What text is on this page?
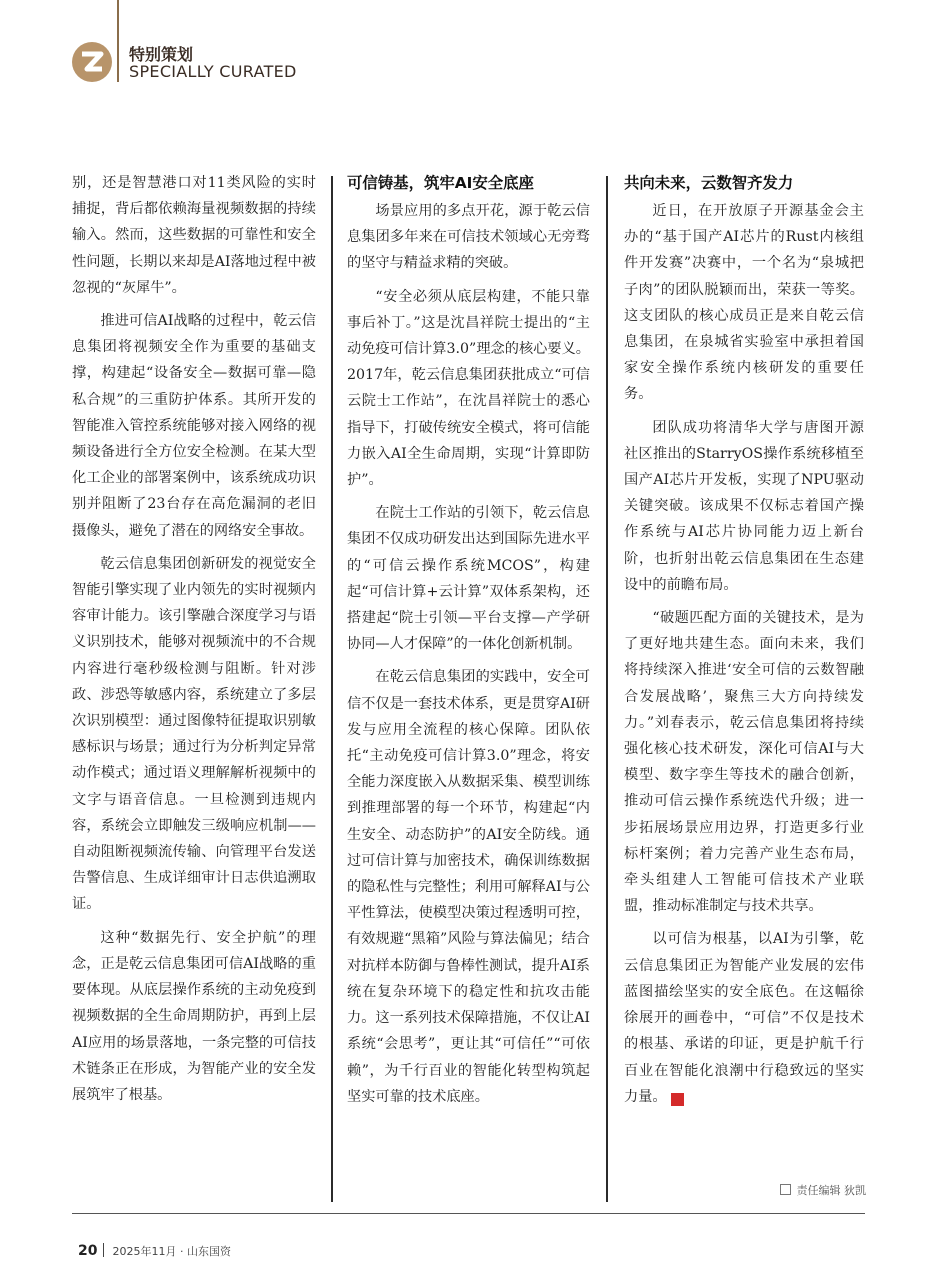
特别策划
SPECIALLY CURATED

别，还是智慧港口对11类风险的实时捕捉，背后都依赖海量视频数据的持续输入。然而，这些数据的可靠性和安全性问题，长期以来却是AI落地过程中被忽视的“灰犀牛”。

推进可信AI战略的过程中，乾云信息集团将视频安全作为重要的基础支撑，构建起“设备安全—数据可靠—隐私合规”的三重防护体系。其所开发的智能准入管控系统能够对接入网络的视频设备进行全方位安全检测。在某大型化工企业的部署案例中，该系统成功识别并阻断了23台存在高危漏洞的老旧摄像头，避免了潜在的网络安全事故。

乾云信息集团创新研发的视觉安全智能引擎实现了业内领先的实时视频内容审计能力。该引擎融合深度学习与语义识别技术，能够对视频流中的不合规内容进行毫秒级检测与阻断。针对涉政、涉恐等敏感内容，系统建立了多层次识别模型：通过图像特征提取识别敏感标识与场景；通过行为分析判定异常动作模式；通过语义理解解析视频中的文字与语音信息。一旦检测到违规内容，系统会立即触发三级响应机制——自动阻断视频流传输、向管理平台发送告警信息、生成详细审计日志供追溯取证。

这种“数据先行、安全护航”的理念，正是乾云信息集团可信AI战略的重要体现。从底层操作系统的主动免疫到视频数据的全生命周期防护，再到上层AI应用的场景落地，一条完整的可信技术链条正在形成，为智能产业的安全发展筑牢了根基。

可信铸基，筑牢AI安全底座

场景应用的多点开花，源于乾云信息集团多年来在可信技术领域心无旁骛的坚守与精益求精的突破。

“安全必须从底层构建，不能只靠事后补丁。”这是沈昌祥院士提出的“主动免疫可信计算3.0”理念的核心要义。2017年，乾云信息集团获批成立“可信云院士工作站”，在沈昌祥院士的悉心指导下，打破传统安全模式，将可信能力嵌入AI全生命周期，实现“计算即防护”。

在院士工作站的引领下，乾云信息集团不仅成功研发出达到国际先进水平的“可信云操作系统MCOS”，构建起“可信计算+云计算”双体系架构，还搭建起“院士引领—平台支撑—产学研协同—人才保障”的一体化创新机制。

在乾云信息集团的实践中，安全可信不仅是一套技术体系，更是贯穿AI研发与应用全流程的核心保障。团队依托“主动免疫可信计算3.0”理念，将安全能力深度嵌入从数据采集、模型训练到推理部署的每一个环节，构建起“内生安全、动态防护”的AI安全防线。通过可信计算与加密技术，确保训练数据的隐私性与完整性；利用可解释AI与公平性算法，使模型决策过程透明可控，有效规避“黑箱”风险与算法偏见；结合对抗样本防御与鲁棒性测试，提升AI系统在复杂环境下的稳定性和抗攻击能力。这一系列技术保障措施，不仅让AI系统“会思考”，更让其“可信任”“可依赖”，为千行百业的智能化转型构筑起坚实可靠的技术底座。

共向未来，云数智齐发力

近日，在开放原子开源基金会主办的“基于国产AI芯片的Rust内核组件开发赛”决赛中，一个名为“泉城把子肉”的团队脱颖而出，荣获一等奖。这支团队的核心成员正是来自乾云信息集团，在泉城省实验室中承担着国家安全操作系统内核研发的重要任务。

团队成功将清华大学与唐图开源社区推出的StarryOS操作系统移植至国产AI芯片开发板，实现了NPU驱动关键突破。该成果不仅标志着国产操作系统与AI芯片协同能力迈上新台阶，也折射出乾云信息集团在生态建设中的前瞻布局。

“破题匹配方面的关键技术，是为了更好地共建生态。面向未来，我们将持续深入推进‘安全可信的云数智融合发展战略’，聚焦三大方向持续发力。”刘春表示，乾云信息集团将持续强化核心技术研发，深化可信AI与大模型、数字孪生等技术的融合创新，推动可信云操作系统迭代升级；进一步拓展场景应用边界，打造更多行业标杆案例；着力完善产业生态布局，牵头组建人工智能可信技术产业联盟，推动标准制定与技术共享。

以可信为根基，以AI为引擎，乾云信息集团正为智能产业发展的宏伟蓝图描绘坚实的安全底色。在这幅徐徐展开的画卷中，“可信”不仅是技术的根基、承诺的印证，更是护航千行百业在智能化浪潮中行稳致远的坚实力量。	乙

责任编辑 狄凯
20 2025年11月 · 山东国资
